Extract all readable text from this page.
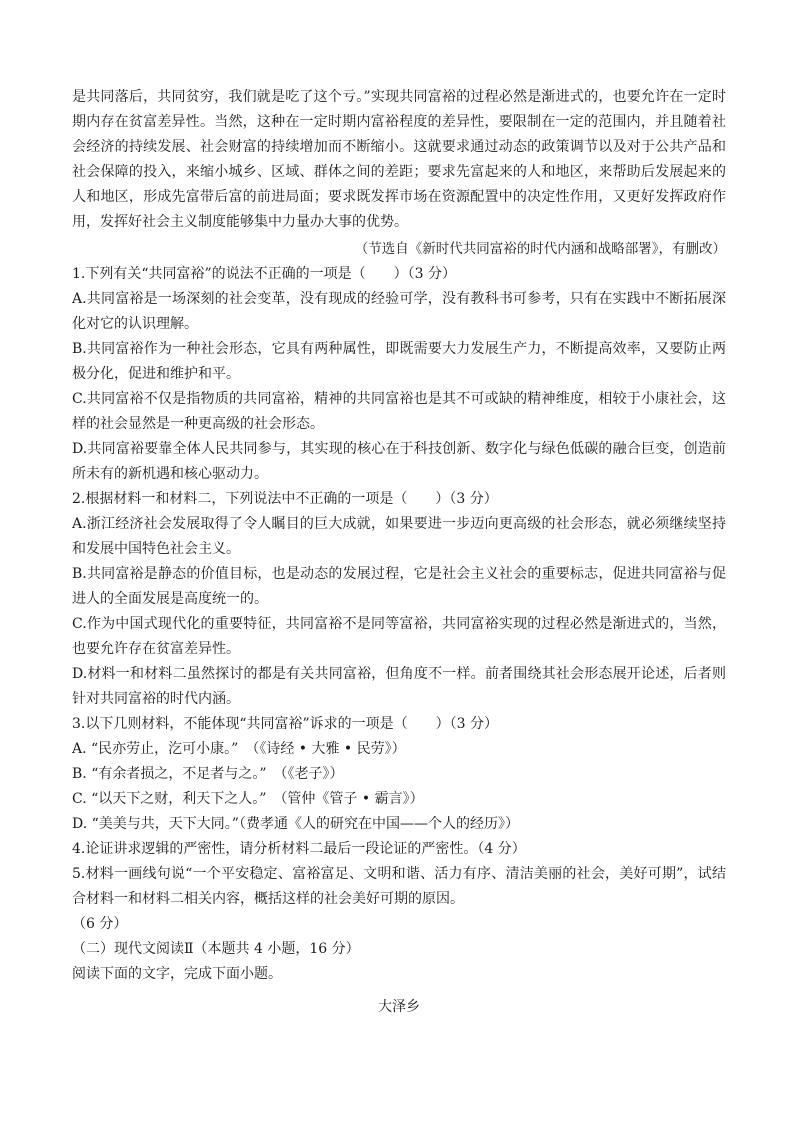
是共同落后，共同贫穷，我们就是吃了这个亏。”实现共同富裕的过程必然是渐进式的，也要允许在一定时期内存在贫富差异性。当然，这种在一定时期内富裕程度的差异性，要限制在一定的范围内，并且随着社会经济的持续发展、社会财富的持续增加而不断缩小。这就要求通过动态的政策调节以及对于公共产品和社会保障的投入，来缩小城乡、区域、群体之间的差距；要求先富起来的人和地区，来帮助后发展起来的人和地区，形成先富带后富的前进局面；要求既发挥市场在资源配置中的决定性作用，又更好发挥政府作用，发挥好社会主义制度能够集中力量办大事的优势。

（节选自《新时代共同富裕的时代内涵和战略部署》，有删改）

1.下列有关“共同富裕”的说法不正确的一项是（　　）（3 分）

A.共同富裕是一场深刻的社会变革，没有现成的经验可学，没有教科书可参考，只有在实践中不断拓展深化对它的认识理解。

B.共同富裕作为一种社会形态，它具有两种属性，即既需要大力发展生产力，不断提高效率，又要防止两极分化，促进和维护和平。

C.共同富裕不仅是指物质的共同富裕，精神的共同富裕也是其不可或缺的精神维度，相较于小康社会，这样的社会显然是一种更高级的社会形态。

D.共同富裕要靠全体人民共同参与，其实现的核心在于科技创新、数字化与绿色低碳的融合巨变，创造前所未有的新机遇和核心驱动力。

2.根据材料一和材料二，下列说法中不正确的一项是（　　）（3 分）

A.浙江经济社会发展取得了令人瞩目的巨大成就，如果要进一步迈向更高级的社会形态，就必须继续坚持和发展中国特色社会主义。

B.共同富裕是静态的价值目标，也是动态的发展过程，它是社会主义社会的重要标志，促进共同富裕与促进人的全面发展是高度统一的。

C.作为中国式现代化的重要特征，共同富裕不是同等富裕，共同富裕实现的过程必然是渐进式的，当然，也要允许存在贫富差异性。

D.材料一和材料二虽然探讨的都是有关共同富裕，但角度不一样。前者围绕其社会形态展开论述，后者则针对共同富裕的时代内涵。

3.以下几则材料，不能体现“共同富裕”诉求的一项是（　　）（3 分）

A. “民亦劳止，汔可小康。”　（《诗经 • 大雅 • 民劳》）

B. “有余者损之，不足者与之。”　（《老子》）

C. “以天下之财，利天下之人。”　（管仲《管子 • 霸言》）

D. “美美与共，天下大同。”（费孝通《人的研究在中国——个人的经历》）

4.论证讲求逻辑的严密性，请分析材料二最后一段论证的严密性。（4 分）

5.材料一画线句说“一个平安稳定、富裕富足、文明和谐、活力有序、清洁美丽的社会，美好可期”，试结合材料一和材料二相关内容，概括这样的社会美好可期的原因。

（6 分）

（二）现代文阅读Ⅱ（本题共 4 小题，16 分）

阅读下面的文字，完成下面小题。

大泽乡
